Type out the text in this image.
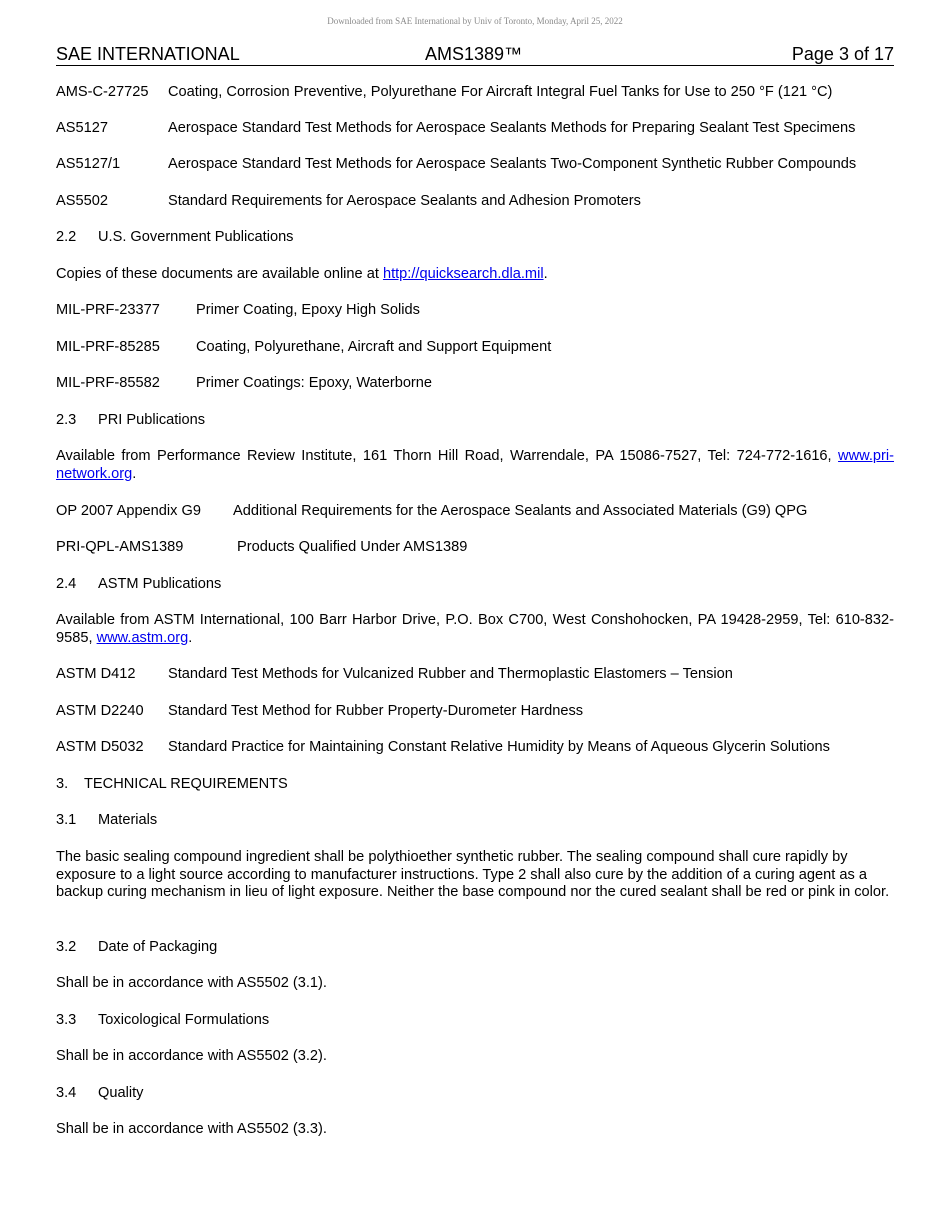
Downloaded from SAE International by Univ of Toronto, Monday, April 25, 2022
SAE INTERNATIONAL	AMS1389™	Page 3 of 17
AMS-C-27725 Coating, Corrosion Preventive, Polyurethane For Aircraft Integral Fuel Tanks for Use to 250 °F (121 °C)
AS5127	Aerospace Standard Test Methods for Aerospace Sealants Methods for Preparing Sealant Test Specimens
AS5127/1	Aerospace Standard Test Methods for Aerospace Sealants Two-Component Synthetic Rubber Compounds
AS5502	Standard Requirements for Aerospace Sealants and Adhesion Promoters
2.2 U.S. Government Publications
Copies of these documents are available online at http://quicksearch.dla.mil.
MIL-PRF-23377 Primer Coating, Epoxy High Solids
MIL-PRF-85285 Coating, Polyurethane, Aircraft and Support Equipment
MIL-PRF-85582 Primer Coatings: Epoxy, Waterborne
2.3 PRI Publications
Available from Performance Review Institute, 161 Thorn Hill Road, Warrendale, PA 15086-7527, Tel: 724-772-1616, www.pri-network.org.
OP 2007 Appendix G9 Additional Requirements for the Aerospace Sealants and Associated Materials (G9) QPG
PRI-QPL-AMS1389	Products Qualified Under AMS1389
2.4 ASTM Publications
Available from ASTM International, 100 Barr Harbor Drive, P.O. Box C700, West Conshohocken, PA 19428-2959, Tel: 610-832-9585, www.astm.org.
ASTM D412 Standard Test Methods for Vulcanized Rubber and Thermoplastic Elastomers – Tension
ASTM D2240 Standard Test Method for Rubber Property-Durometer Hardness
ASTM D5032 Standard Practice for Maintaining Constant Relative Humidity by Means of Aqueous Glycerin Solutions
3. TECHNICAL REQUIREMENTS
3.1 Materials
The basic sealing compound ingredient shall be polythioether synthetic rubber. The sealing compound shall cure rapidly by exposure to a light source according to manufacturer instructions. Type 2 shall also cure by the addition of a curing agent as a backup curing mechanism in lieu of light exposure. Neither the base compound nor the cured sealant shall be red or pink in color.
3.2 Date of Packaging
Shall be in accordance with AS5502 (3.1).
3.3 Toxicological Formulations
Shall be in accordance with AS5502 (3.2).
3.4 Quality
Shall be in accordance with AS5502 (3.3).
